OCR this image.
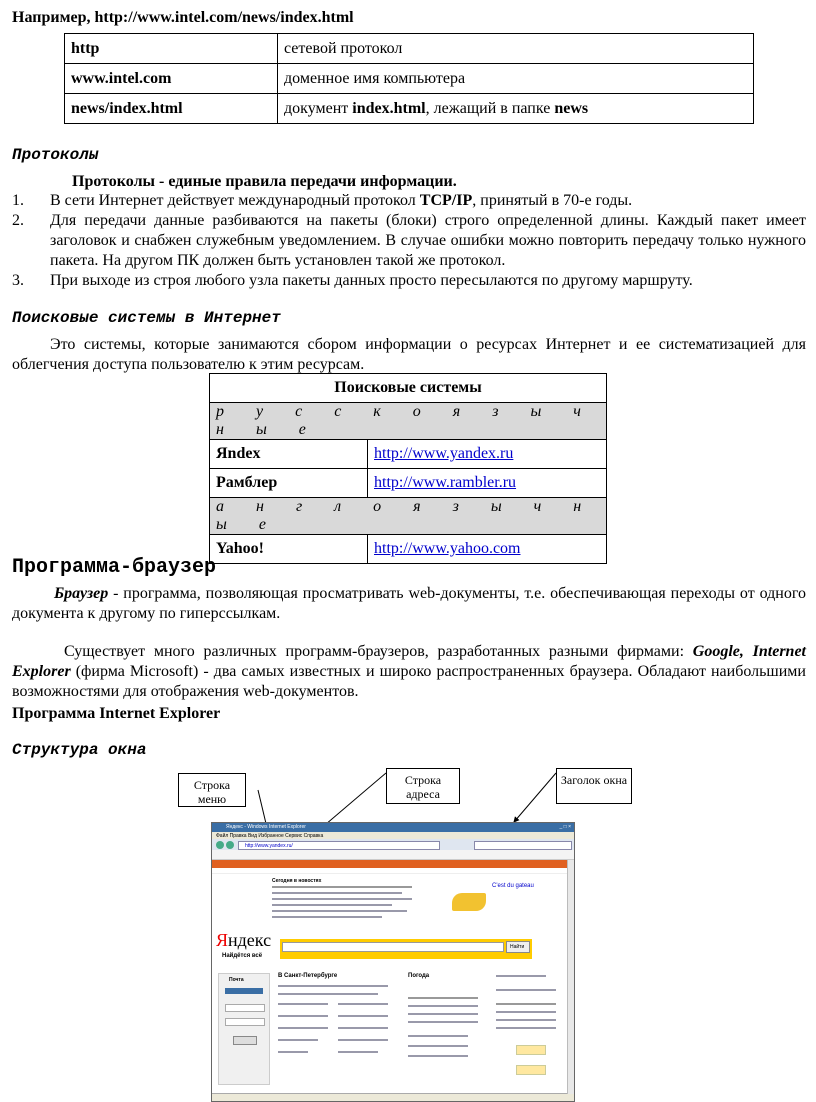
Например, http://www.intel.com/news/index.html
http	сетевой протокол
www.intel.com	доменное имя компьютера
news/index.html	документ index.html, лежащий в папке news
Протоколы
Протоколы - единые правила передачи информации.
1. В сети Интернет действует международный протокол TCP/IP, принятый в 70-е годы.
2. Для передачи данные разбиваются на пакеты (блоки) строго определенной длины. Каждый пакет имеет заголовок и снабжен служебным уведомлением. В случае ошибки можно повторить передачу только нужного пакета. На другом ПК должен быть установлен такой же протокол.
3. При выходе из строя любого узла пакеты данных просто пересылаются по другому маршруту.
Поисковые системы в Интернет
Это системы, которые занимаются сбором информации о ресурсах Интернет и ее систематизацией для облегчения доступа пользователю к этим ресурсам.
Поисковые системы	
р у с с к о я з ы ч н ы е	
Яndex	http://www.yandex.ru
Рамблер	http://www.rambler.ru
а н г л о я з ы ч н ы е	
Yahoo!	http://www.yahoo.com
Программа-браузер
Браузер - программа, позволяющая просматривать web-документы, т.е. обеспечивающая переходы от одного документа к другому по гиперссылкам.
Существует много различных программ-браузеров, разработанных разными фирмами: Google, Internet Explorer (фирма Microsoft) - два самых известных и широко распространенных браузера. Обладают наибольшими возможностями для отображения web-документов.
Программа Internet Explorer
Структура окна
Строка меню
Строка адреса
Заголок окна
Яндекс - Windows Internet Explorer	_ □ ×
Файл Правка Вид Избранное Сервис Справка
http://www.yandex.ru/
Сегодня в новостях
C'est du gateau
Яндекс
Найдётся всё
Найти
Почта
В Санкт-Петербурге	Погода
